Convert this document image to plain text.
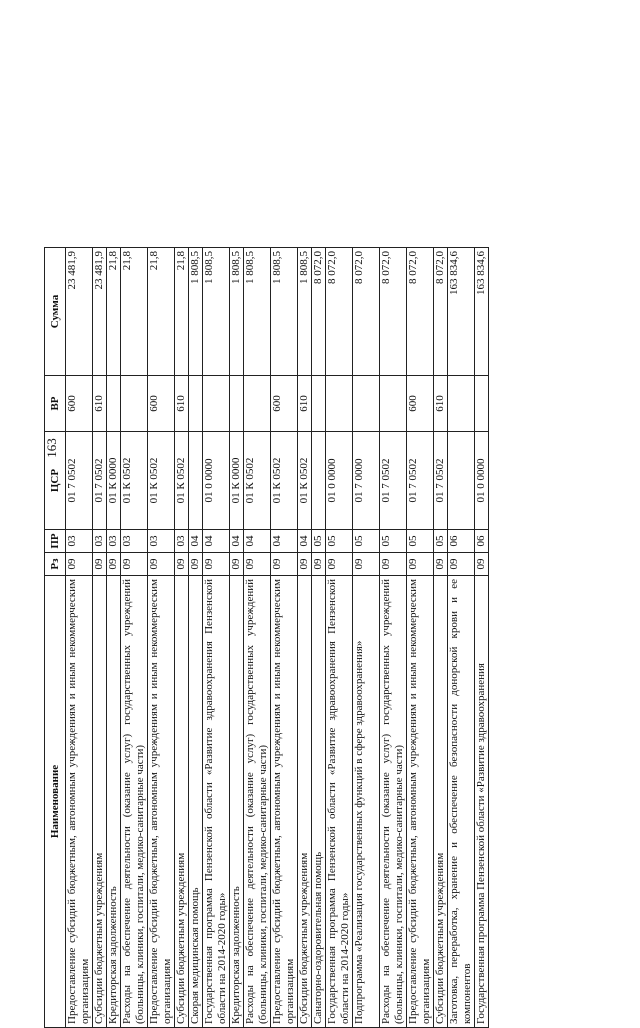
163
Наименование	Рз	ПР	ЦСР	ВР	Сумма
Предоставление субсидий бюджетным, автономным учреждениям и иным некоммерческим организациям	09	03	01 7 0502	600	23 481,9
Субсидии бюджетным учреждениям	09	03	01 7 0502	610	23 481,9
Кредиторская задолженность	09	03	01 К 0000		21,8
Расходы на обеспечение деятельности (оказание услуг) государственных учреждений (больницы, клиники, госпитали, медико-санитарные части)	09	03	01 К 0502		21,8
Предоставление субсидий бюджетным, автономным учреждениям и иным некоммерческим организациям	09	03	01 К 0502	600	21,8
Субсидии бюджетным учреждениям	09	03	01 К 0502	610	21,8
Скорая медицинская помощь	09	04			1 808,5
Государственная программа Пензенской области «Развитие здравоохранения Пензенской области на 2014-2020 годы»	09	04	01 0 0000		1 808,5
Кредиторская задолженность	09	04	01 К 0000		1 808,5
Расходы на обеспечение деятельности (оказание услуг) государственных учреждений (больницы, клиники, госпитали, медико-санитарные части)	09	04	01 К 0502		1 808,5
Предоставление субсидий бюджетным, автономным учреждениям и иным некоммерческим организациям	09	04	01 К 0502	600	1 808,5
Субсидии бюджетным учреждениям	09	04	01 К 0502	610	1 808,5
Санаторно-оздоровительная помощь	09	05			8 072,0
Государственная программа Пензенской области «Развитие здравоохранения Пензенской области на 2014-2020 годы»	09	05	01 0 0000		8 072,0
Подпрограмма «Реализация государственных функций в сфере здравоохранения»	09	05	01 7 0000		8 072,0
Расходы на обеспечение деятельности (оказание услуг) государственных учреждений (больницы, клиники, госпитали, медико-санитарные части)	09	05	01 7 0502		8 072,0
Предоставление субсидий бюджетным, автономным учреждениям и иным некоммерческим организациям	09	05	01 7 0502	600	8 072,0
Субсидии бюджетным учреждениям	09	05	01 7 0502	610	8 072,0
Заготовка, переработка, хранение и обеспечение безопасности донорской крови и ее компонентов	09	06			163 834,6
Государственная программа Пензенской области «Развитие здравоохранения	09	06	01 0 0000		163 834,6
